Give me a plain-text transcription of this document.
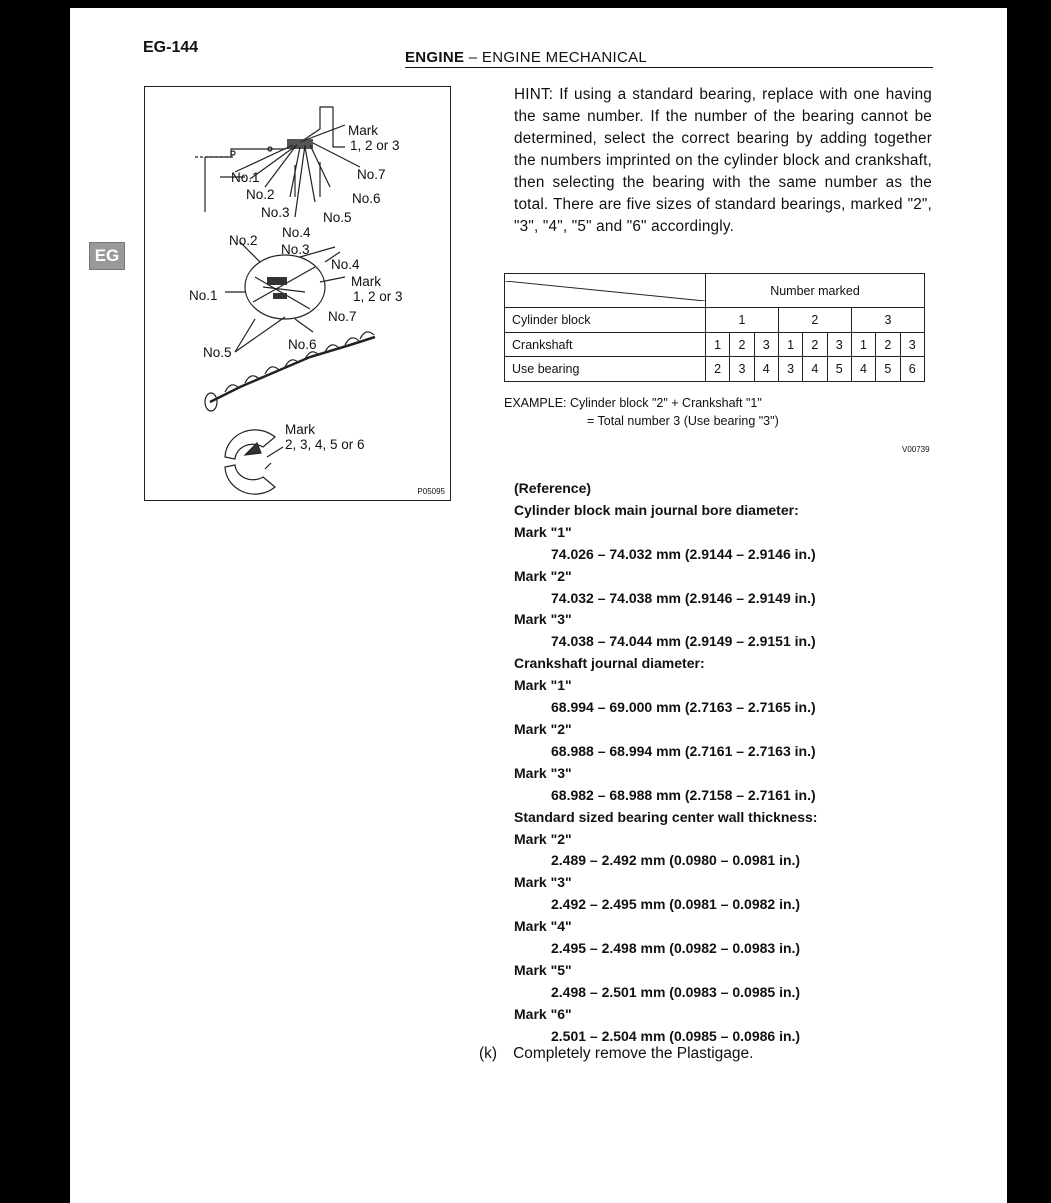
EG-144
ENGINE – ENGINE MECHANICAL
EG
Mark
1, 2 or 3
No.7
No.1
No.2	No.6
No.3 No.5
No.4
No.2
No.3
No.4
Mark
1, 2 or 3
No.1
No.7
No.5
No.6
Mark
2, 3, 4, 5 or 6
P05095
HINT: If using a standard bearing, replace with one having the same number. If the number of the bearing cannot be determined, select the correct bearing by adding together the numbers imprinted on the cylinder block and crankshaft, then selecting the bearing with the same number as the total. There are five sizes of standard bearings, marked "2", "3", "4", "5" and "6" accordingly.
	Number marked								

Cylinder block	1			2			3		
Crankshaft	1	2	3	1	2	3	1	2	3
Use bearing	2	3	4	3	4	5	4	5	6
EXAMPLE: Cylinder block "2" + Crankshaft "1"
= Total number 3 (Use bearing "3")
V00739
(Reference)
Cylinder block main journal bore diameter:
Mark "1"
74.026 – 74.032 mm (2.9144 – 2.9146 in.)
Mark "2"
74.032 – 74.038 mm (2.9146 – 2.9149 in.)
Mark "3"
74.038 – 74.044 mm (2.9149 – 2.9151 in.)
Crankshaft journal diameter:
Mark "1"
68.994 – 69.000 mm (2.7163 – 2.7165 in.)
Mark "2"
68.988 – 68.994 mm (2.7161 – 2.7163 in.)
Mark "3"
68.982 – 68.988 mm (2.7158 – 2.7161 in.)
Standard sized bearing center wall thickness:
Mark "2"
2.489 – 2.492 mm (0.0980 – 0.0981 in.)
Mark "3"
2.492 – 2.495 mm (0.0981 – 0.0982 in.)
Mark "4"
2.495 – 2.498 mm (0.0982 – 0.0983 in.)
Mark "5"
2.498 – 2.501 mm (0.0983 – 0.0985 in.)
Mark "6"
2.501 – 2.504 mm (0.0985 – 0.0986 in.)
(k) Completely remove the Plastigage.
